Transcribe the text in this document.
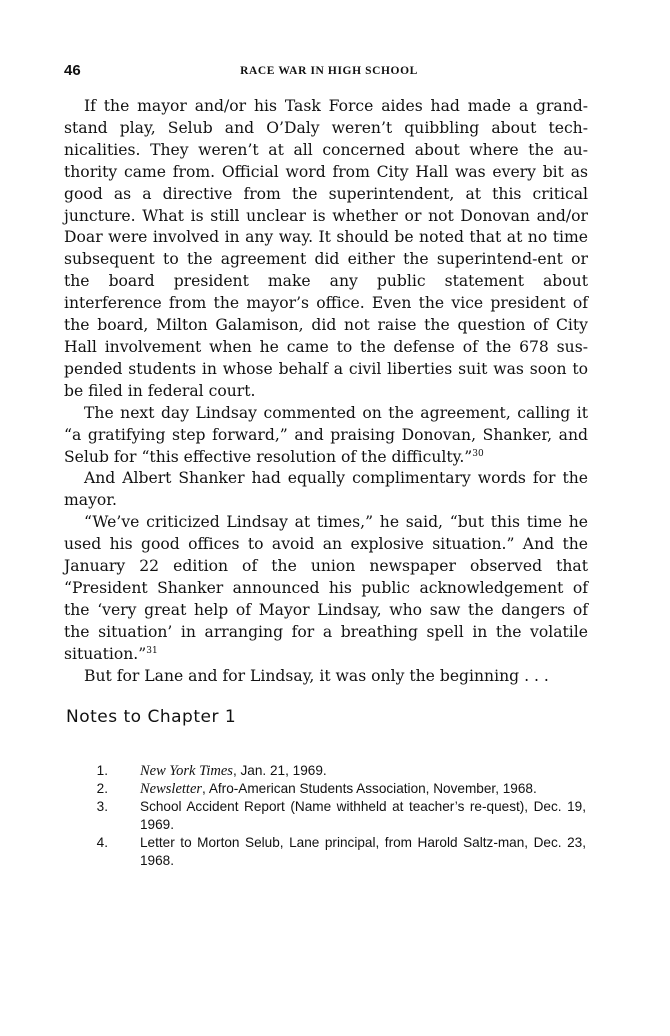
46	RACE WAR IN HIGH SCHOOL

If the mayor and/or his Task Force aides had made a grand-stand play, Selub and O’Daly weren’t quibbling about tech-nicalities. They weren’t at all concerned about where the au-thority came from. Official word from City Hall was every bit as good as a directive from the superintendent, at this critical juncture. What is still unclear is whether or not Donovan and/or Doar were involved in any way. It should be noted that at no time subsequent to the agreement did either the superintend-ent or the board president make any public statement about interference from the mayor’s office. Even the vice president of the board, Milton Galamison, did not raise the question of City Hall involvement when he came to the defense of the 678 sus-pended students in whose behalf a civil liberties suit was soon to be filed in federal court.

The next day Lindsay commented on the agreement, calling it “a gratifying step forward,” and praising Donovan, Shanker, and Selub for “this effective resolution of the difficulty.”$^{30}$

And Albert Shanker had equally complimentary words for the mayor.

“We’ve criticized Lindsay at times,” he said, “but this time he used his good offices to avoid an explosive situation.” And the January 22 edition of the union newspaper observed that “President Shanker announced his public acknowledgement of the ‘very great help of Mayor Lindsay, who saw the dangers of the situation’ in arranging for a breathing spell in the volatile situation.”$^{31}$

But for Lane and for Lindsay, it was only the beginning . . .

Notes to Chapter 1
1. New York Times, Jan. 21, 1969.
2. Newsletter, Afro-American Students Association, November, 1968.
3. School Accident Report (Name withheld at teacher’s re-quest), Dec. 19, 1969.
4. Letter to Morton Selub, Lane principal, from Harold Saltz-man, Dec. 23, 1968.
